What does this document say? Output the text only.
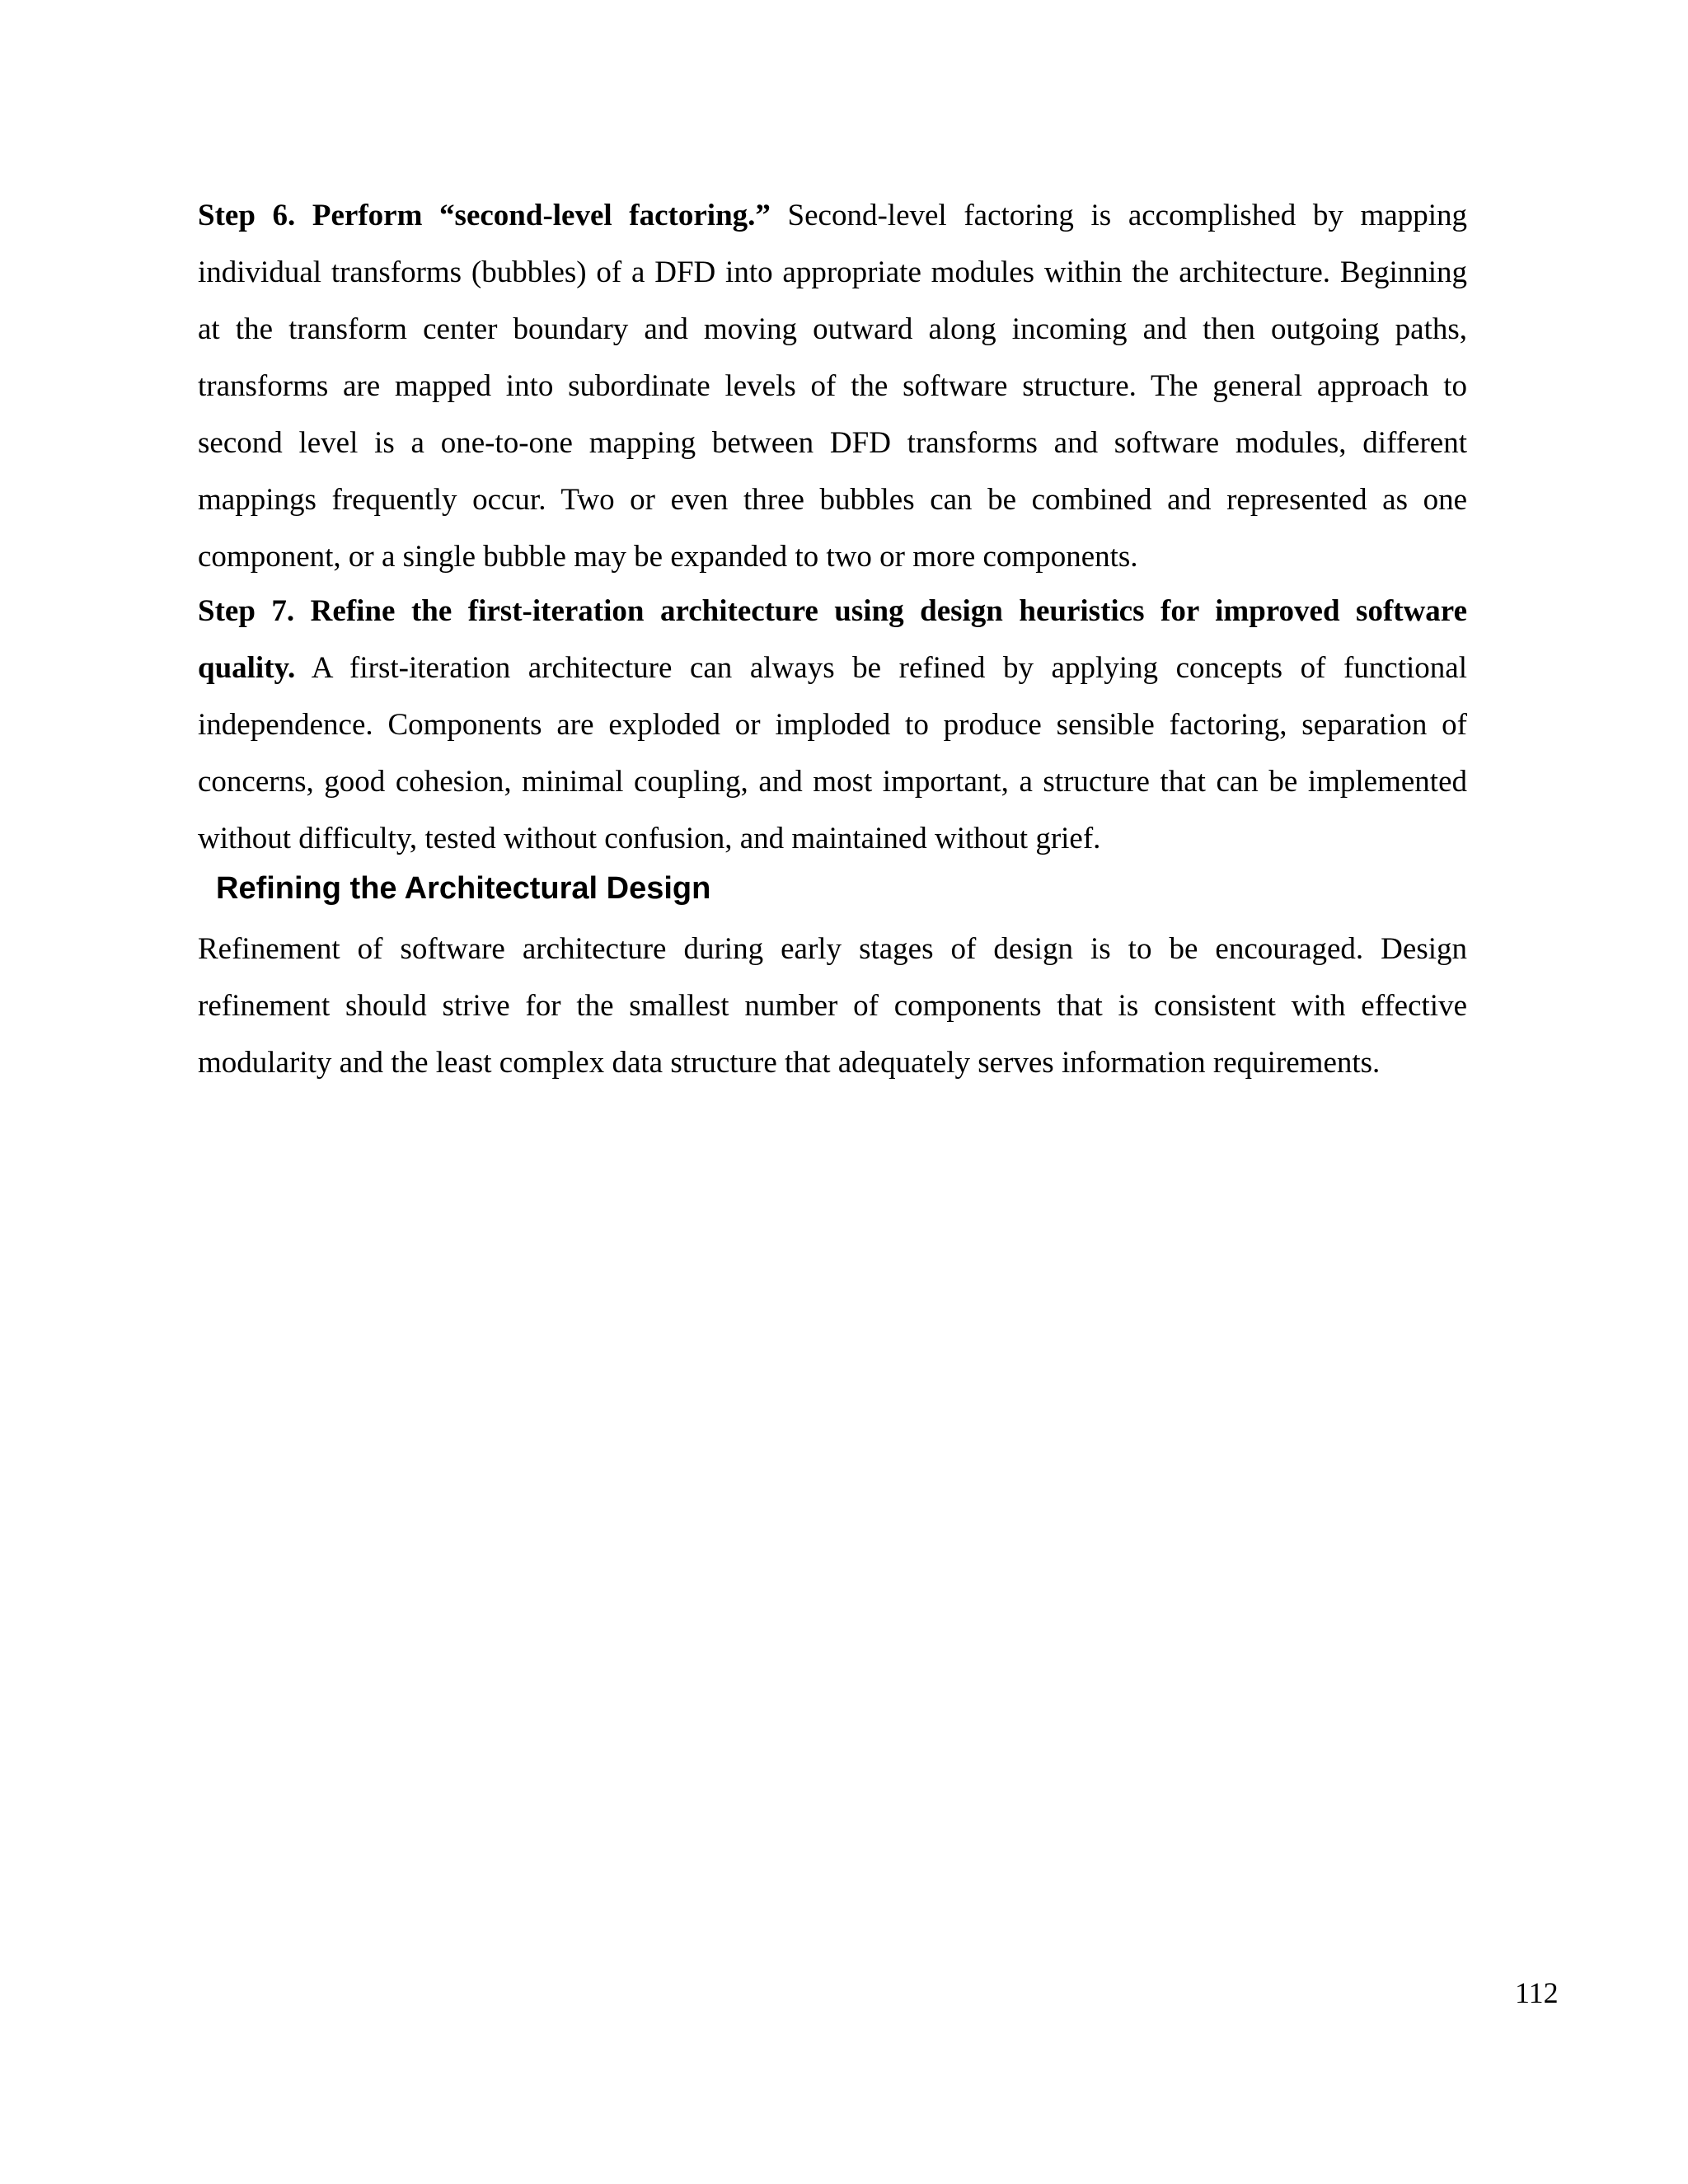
Step 6. Perform “second-level factoring.” Second-level factoring is accomplished by mapping individual transforms (bubbles) of a DFD into appropriate modules within the architecture. Beginning at the transform center boundary and moving outward along incoming and then outgoing paths, transforms are mapped into subordinate levels of the software structure. The general approach to second level is a one-to-one mapping between DFD transforms and software modules, different mappings frequently occur. Two or even three bubbles can be combined and represented as one component, or a single bubble may be expanded to two or more components.

Step 7. Refine the first-iteration architecture using design heuristics for improved software quality. A first-iteration architecture can always be refined by applying concepts of functional independence. Components are exploded or imploded to produce sensible factoring, separation of concerns, good cohesion, minimal coupling, and most important, a structure that can be implemented without difficulty, tested without confusion, and maintained without grief.

Refining the Architectural Design

Refinement of software architecture during early stages of design is to be encouraged. Design refinement should strive for the smallest number of components that is consistent with effective modularity and the least complex data structure that adequately serves information requirements.

112
